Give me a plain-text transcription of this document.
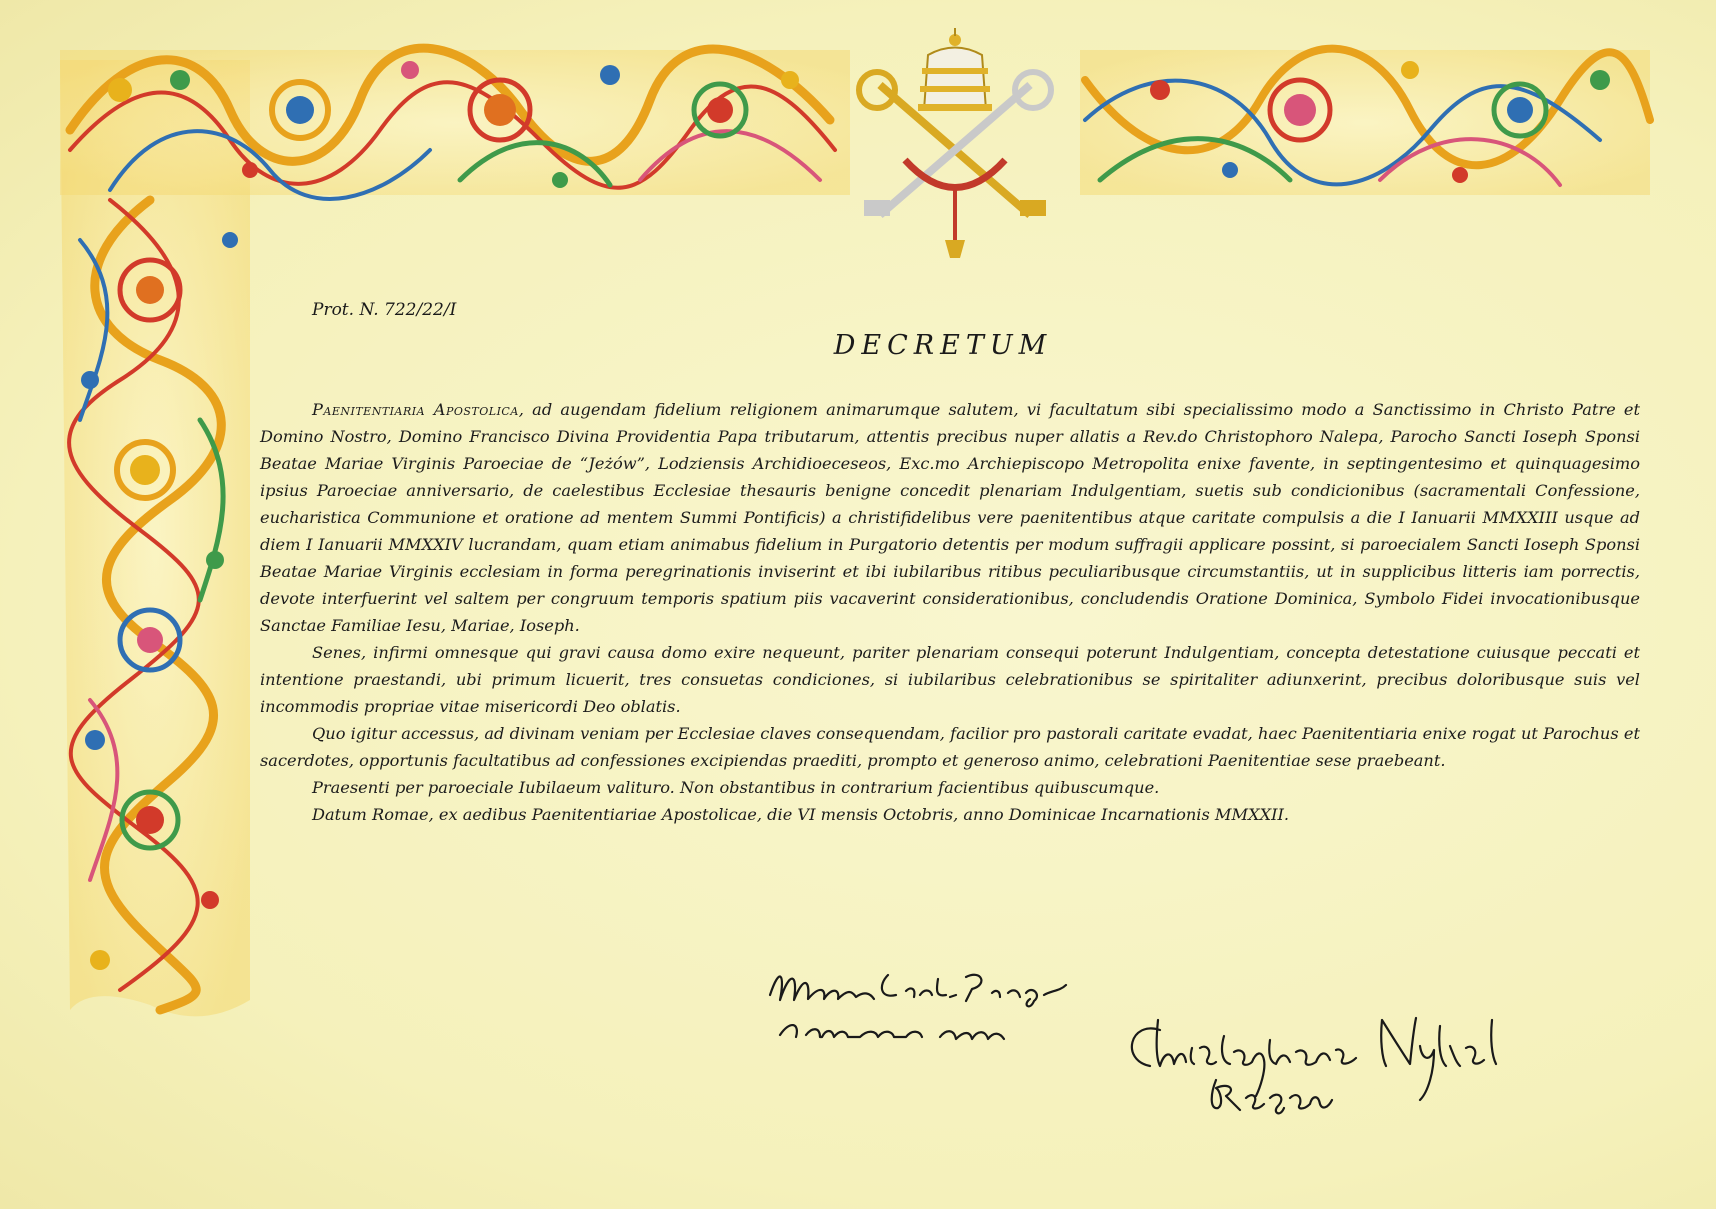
Prot. N. 722/22/I
DECRETUM

Paenitentiaria Apostolica, ad augendam fidelium religionem animarumque salutem, vi facultatum sibi specialissimo modo a Sanctissimo in Christo Patre et Domino Nostro, Domino Francisco Divina Providentia Papa tributarum, attentis precibus nuper allatis a Rev.do Christophoro Nalepa, Parocho Sancti Ioseph Sponsi Beatae Mariae Virginis Paroeciae de “Jeżów”, Lodziensis Archidioeceseos, Exc.mo Archiepiscopo Metropolita enixe favente, in septingentesimo et quinquagesimo ipsius Paroeciae anniversario, de caelestibus Ecclesiae thesauris benigne concedit plenariam Indulgentiam, suetis sub condicionibus (sacramentali Confessione, eucharistica Communione et oratione ad mentem Summi Pontificis) a christifidelibus vere paenitentibus atque caritate compulsis a die I Ianuarii MMXXIII usque ad diem I Ianuarii MMXXIV lucrandam, quam etiam animabus fidelium in Purgatorio detentis per modum suffragii applicare possint, si paroecialem Sancti Ioseph Sponsi Beatae Mariae Virginis ecclesiam in forma peregrinationis inviserint et ibi iubilaribus ritibus peculiaribusque circumstantiis, ut in supplicibus litteris iam porrectis, devote interfuerint vel saltem per congruum temporis spatium piis vacaverint considerationibus, concludendis Oratione Dominica, Symbolo Fidei invocationibusque Sanctae Familiae Iesu, Mariae, Ioseph.

Senes, infirmi omnesque qui gravi causa domo exire nequeunt, pariter plenariam consequi poterunt Indulgentiam, concepta detestatione cuiusque peccati et intentione praestandi, ubi primum licuerit, tres consuetas condiciones, si iubilaribus celebrationibus se spiritaliter adiunxerint, precibus doloribusque suis vel incommodis propriae vitae misericordi Deo oblatis.

Quo igitur accessus, ad divinam veniam per Ecclesiae claves consequendam, facilior pro pastorali caritate evadat, haec Paenitentiaria enixe rogat ut Parochus et sacerdotes, opportunis facultatibus ad confessiones excipiendas praediti, prompto et generoso animo, celebrationi Paenitentiae sese praebeant.

Praesenti per paroeciale Iubilaeum valituro. Non obstantibus in contrarium facientibus quibuscumque.

Datum Romae, ex aedibus Paenitentiariae Apostolicae, die VI mensis Octobris, anno Dominicae Incarnationis MMXXII.
